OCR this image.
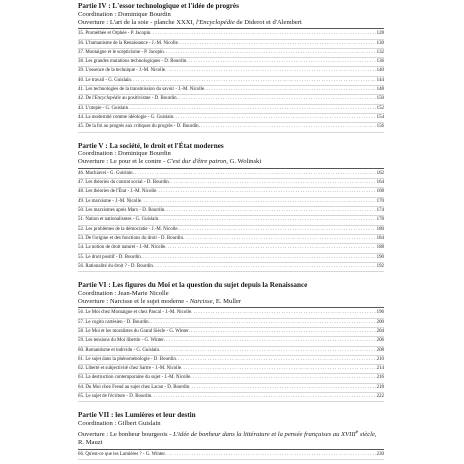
Partie IV : L'essor technologique et l'idée de progrès
Coordination : Dominique Bourdin
Ouverture : L'art de la soie - planche XXXI, l'Encyclopédie de Diderot et d'Alembert
35. Prométhée et Orphée - P. Jacopin . . .	128
36. L'humanisme de la Renaissance - J.-M. Nicolle . . .	130
37. Montaigne et le scepticisme - P. Jacopin . . .	132
38. Les grandes mutations technologiques - D. Bourdin . . .	136
39. L'essence de la technique - J.-M. Nicolle . . .	140
40. Le travail - G. Guislain . . .	144
41. Les technologies de la transmission du savoir - J.-M. Nicolle . . .	148
42. De l'Encyclopédie au positivisme - D. Bourdin . . .	150
43. L'utopie - G. Guislain . . .	152
44. La modernité comme idéologie - G. Guislain . . .	154
45. De la foi au progrès aux critiques du progrès - D. Bourdin . . .	156
Partie V : La société, le droit et l'État modernes
Coordination : Dominique Bourdin
Ouverture : Le pour et le contre - C'est dur d'être patron, G. Wolinski
46. Machiavel - G. Guislain . . .	162
47. Les théories du contrat social - D. Bourdin . . .	164
48. Les théories de l'État - J.-M. Nicolle . . .	168
49. Le marxisme - J.-M. Nicolle . . .	170
50. Les marxismes après Marx - D. Bourdin . . .	174
51. Nation et nationalismes - G. Guislain . . .	178
52. Les problèmes de la démocratie - J.-M. Nicolle . . .	180
53. De l'origine et des fonctions du droit - D. Bourdin . . .	184
54. La notion de droit naturel - J.-M. Nicolle . . .	188
55. Le droit positif - D. Bourdin . . .	190
56. Rationalité du droit ? - D. Bourdin . . .	192
Partie VI : Les figures du Moi et la question du sujet depuis la Renaissance
Coordination : Jean-Marie Nicolle
Ouverture : Narcisse et le sujet moderne - Narcisse, E. Muller
56. Le Moi chez Montaigne et chez Pascal - J.-M. Nicolle . . .	196
57. Le cogito cartésien - D. Bourdin . . .	200
58. Le Moi et les moralistes du Grand Siècle - G. Winter . . .	204
59. Les tensions du Moi libertin - G. Winter . . .	206
60. Romantisme et individu - G. Guislain . . .	208
61. Le sujet dans la phénoménologie - D. Bourdin . . .	210
62. Liberté et subjectivité chez Sartre - J.-M. Nicolle . . .	214
63. La destruction contemporaine du sujet - J.-M. Nicolle . . .	216
64. Du Moi chez Freud au sujet chez Lacan - D. Bourdin . . .	218
65. Le sujet de l'écriture - D. Bourdin . . .	222
Partie VII : les Lumières et leur destin
Coordination : Gilbert Guislain
Ouverture : Le bonheur bourgeois - L'idée de bonheur dans la littérature et la pensée françaises au XVIIIe siècle, R. Mauzi
66. Qu'est-ce que les Lumières ? - G. Winter . . .	230
